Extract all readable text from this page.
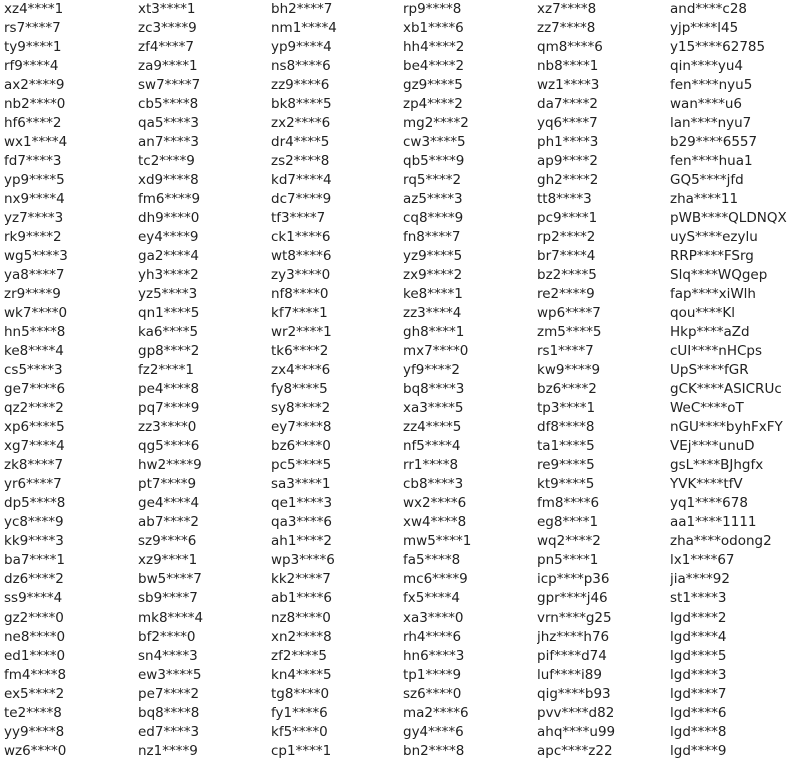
xz4****1
rs7****7
ty9****1
rf9****4
ax2****9
nb2****0
hf6****2
wx1****4
fd7****3
yp9****5
nx9****4
yz7****3
rk9****2
wg5****3
ya8****7
zr9****9
wk7****0
hn5****8
ke8****4
cs5****3
ge7****6
qz2****2
xp6****5
xg7****4
zk8****7
yr6****7
dp5****8
yc8****9
kk9****3
ba7****1
dz6****2
ss9****4
gz2****0
ne8****0
ed1****0
fm4****8
ex5****2
te2****8
yy9****8
wz6****0
xt3****1
zc3****9
zf4****7
za9****1
sw7****7
cb5****8
qa5****3
an7****3
tc2****9
xd9****8
fm6****9
dh9****0
ey4****9
ga2****4
yh3****2
yz5****3
qn1****5
ka6****5
gp8****2
fz2****1
pe4****8
pq7****9
zz3****0
qg5****6
hw2****9
pt7****9
ge4****4
ab7****2
sz9****6
xz9****1
bw5****7
sb9****7
mk8****4
bf2****0
sn4****3
ew3****5
pe7****2
bq8****8
ed7****3
nz1****9
bh2****7
nm1****4
yp9****4
ns8****6
zz9****6
bk8****5
zx2****6
dr4****5
zs2****8
kd7****4
dc7****9
tf3****7
ck1****6
wt8****6
zy3****0
nf8****0
kf7****1
wr2****1
tk6****2
zx4****6
fy8****5
sy8****2
ey7****8
bz6****0
pc5****5
sa3****1
qe1****3
qa3****6
ah1****2
wp3****6
kk2****7
ab1****6
nz8****0
xn2****8
zf2****5
kn4****5
tg8****0
fy1****6
kf5****0
cp1****1
rp9****8
xb1****6
hh4****2
be4****2
gz9****5
zp4****2
mg2****2
cw3****5
qb5****9
rq5****2
az5****3
cq8****9
fn8****7
yz9****5
zx9****2
ke8****1
zz3****4
gh8****1
mx7****0
yf9****2
bq8****3
xa3****5
zz4****5
nf5****4
rr1****8
cb8****3
wx2****6
xw4****8
mw5****1
fa5****8
mc6****9
fx5****4
xa3****0
rh4****6
hn6****3
tp1****9
sz6****0
ma2****6
gy4****6
bn2****8
xz7****8
zz7****8
qm8****6
nb8****1
wz1****3
da7****2
yq6****7
ph1****3
ap9****2
gh2****2
tt8****3
pc9****1
rp2****2
br7****4
bz2****5
re2****9
wp6****7
zm5****5
rs1****7
kw9****9
bz6****2
tp3****1
df8****8
ta1****5
re9****5
kt9****5
fm8****6
eg8****1
wq2****2
pn5****1
icp****p36
gpr****j46
vrn****g25
jhz****h76
pif****d74
luf****i89
qig****b93
pvv****d82
ahq****u99
apc****z22
and****c28
yjp****l45
y15****62785
qin****yu4
fen****nyu5
wan****u6
lan****nyu7
b29****6557
fen****hua1
GQ5****jfd
zha****11
pWB****QLDNQX
uyS****ezylu
RRP****FSrg
Slq****WQgep
fap****xiWlh
qou****Kl
Hkp****aZd
cUI****nHCps
UpS****fGR
gCK****ASICRUc
WeC****oT
nGU****byhFxFY
VEj****unuD
gsL****BJhgfx
YVK****tfV
yq1****678
aa1****1111
zha****odong2
lx1****67
jia****92
st1****3
lgd****2
lgd****4
lgd****5
lgd****3
lgd****7
lgd****6
lgd****8
lgd****9
